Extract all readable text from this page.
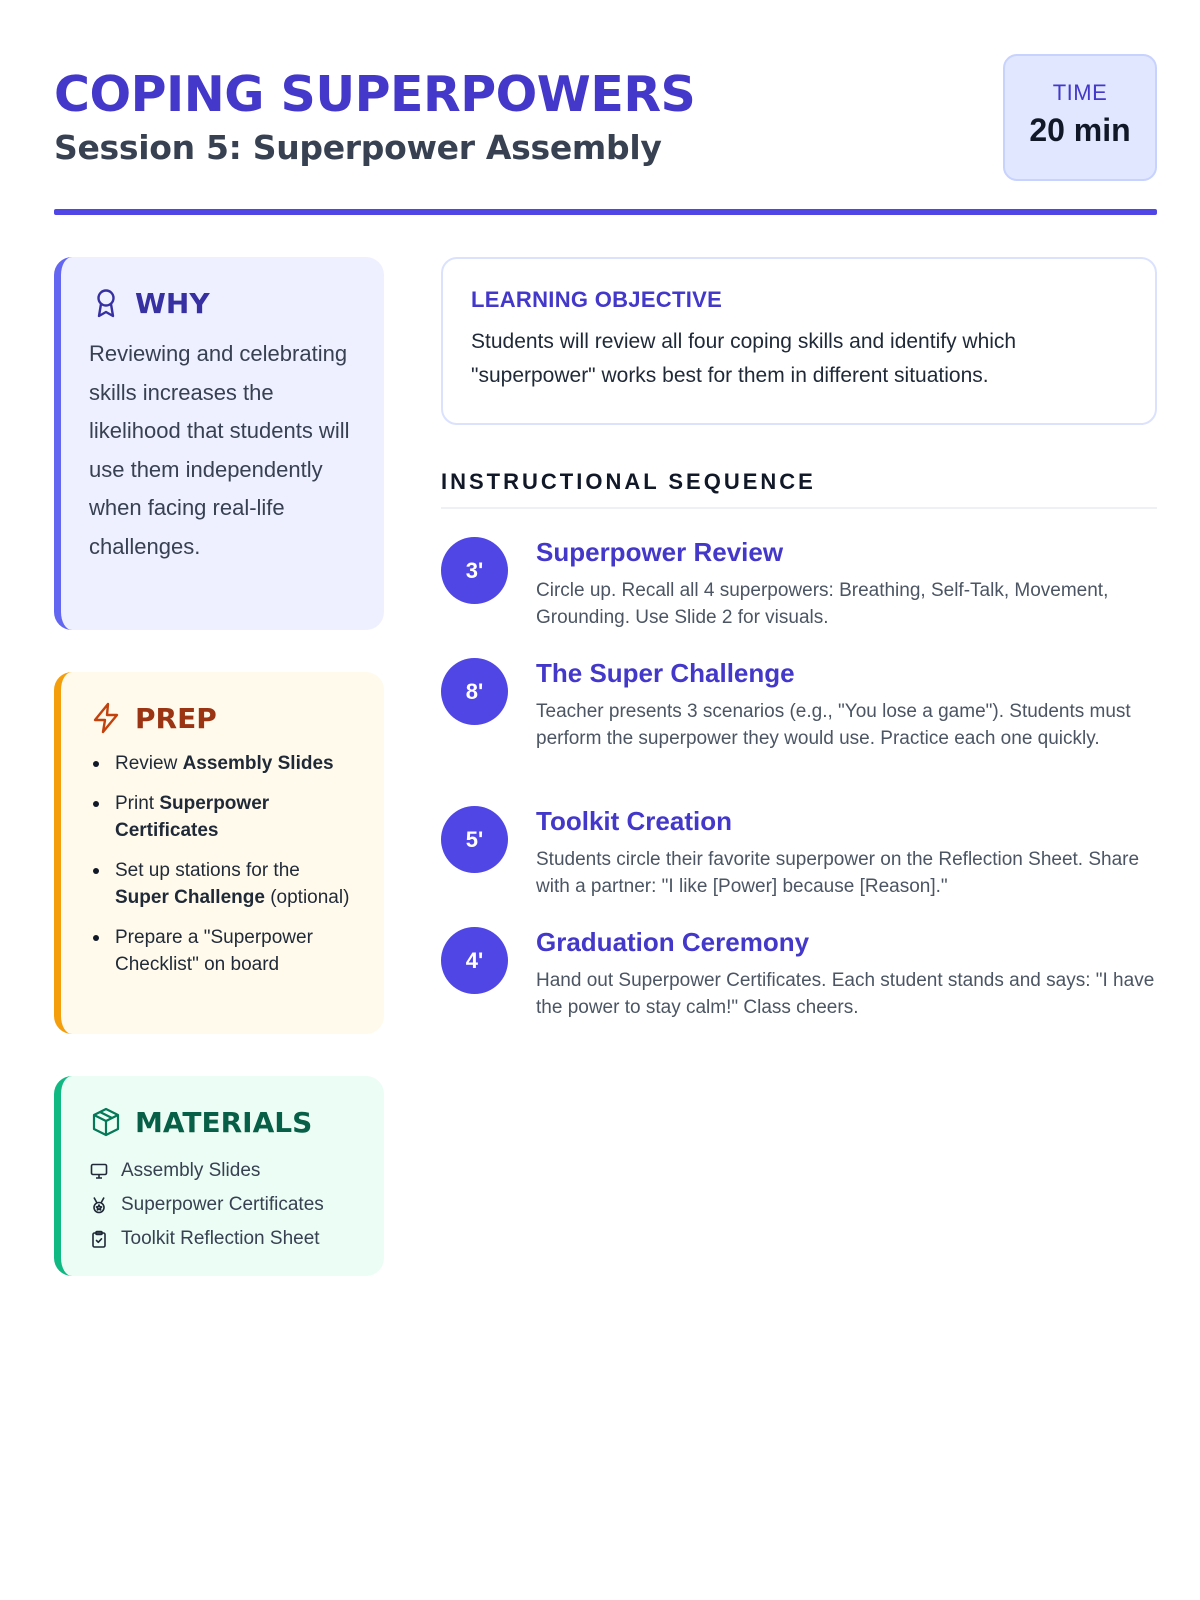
COPING SUPERPOWERS
Session 5: Superpower Assembly
TIME
20 min
WHY
Reviewing and celebrating skills increases the likelihood that students will use them independently when facing real-life challenges.
PREP
Review Assembly Slides
Print Superpower Certificates
Set up stations for the Super Challenge (optional)
Prepare a "Superpower Checklist" on board
MATERIALS
Assembly Slides
Superpower Certificates
Toolkit Reflection Sheet
LEARNING OBJECTIVE
Students will review all four coping skills and identify which "superpower" works best for them in different situations.
INSTRUCTIONAL SEQUENCE
3'
Superpower Review
Circle up. Recall all 4 superpowers: Breathing, Self-Talk, Movement, Grounding. Use Slide 2 for visuals.
8'
The Super Challenge
Teacher presents 3 scenarios (e.g., "You lose a game"). Students must perform the superpower they would use. Practice each one quickly.
5'
Toolkit Creation
Students circle their favorite superpower on the Reflection Sheet. Share with a partner: "I like [Power] because [Reason]."
4'
Graduation Ceremony
Hand out Superpower Certificates. Each student stands and says: "I have the power to stay calm!" Class cheers.
